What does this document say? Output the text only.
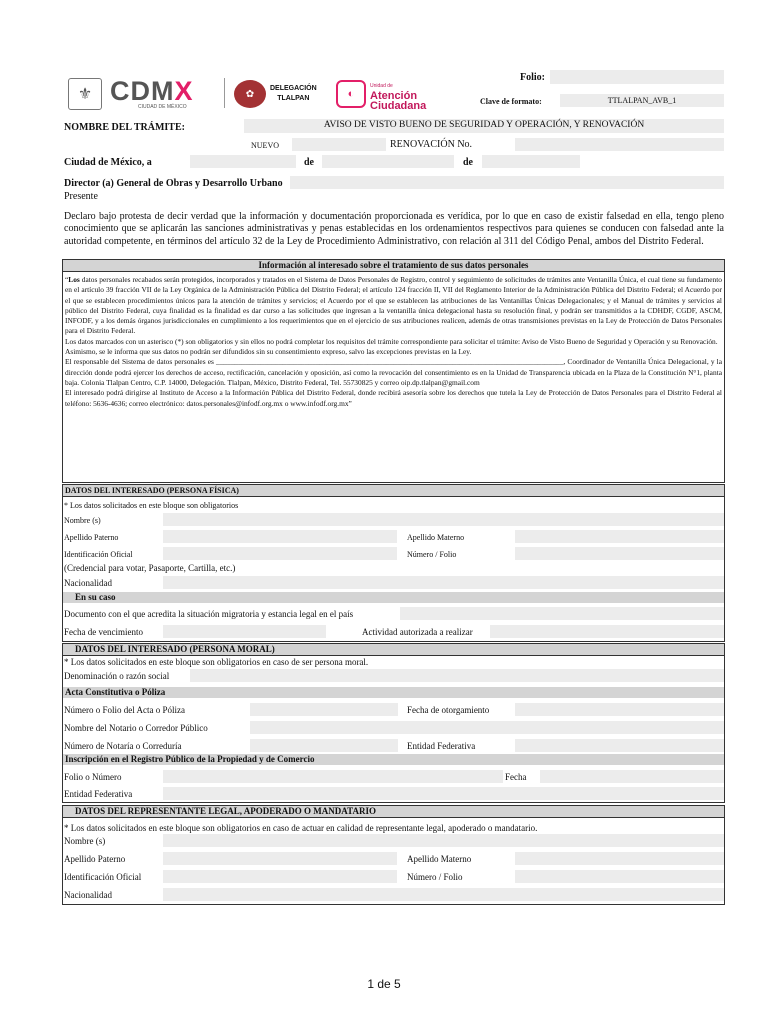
⚜ CDMX
CIUDAD DE MÉXICO
✿	DELEGACIÓN
TLALPAN	◐
Unidad de
Atención
Ciudadana
Folio:
Clave de formato:	TTLALPAN_AVB_1
NOMBRE DEL TRÁMITE:	AVISO DE VISTO BUENO DE SEGURIDAD Y OPERACIÓN, Y RENOVACIÓN
NUEVO	RENOVACIÓN No.
Ciudad de México, a	de	de
Director (a) General de Obras y Desarrollo Urbano
Presente
Declaro bajo protesta de decir verdad que la información y documentación proporcionada es verídica, por lo que en caso de existir falsedad en ella, tengo pleno conocimiento que se aplicarán las sanciones administrativas y penas establecidas en los ordenamientos respectivos para quienes se conducen con falsedad ante la autoridad competente, en términos del artículo 32 de la Ley de Procedimiento Administrativo, con relación al 311 del Código Penal, ambos del Distrito Federal.
Información al interesado sobre el tratamiento de sus datos personales

“Los datos personales recabados serán protegidos, incorporados y tratados en el Sistema de Datos Personales de Registro, control y seguimiento de solicitudes de trámites ante Ventanilla Única, el cual tiene su fundamento en el artículo 39 fracción VII de la Ley Orgánica de la Administración Pública del Distrito Federal; el artículo 124 fracción II, VII del Reglamento Interior de la Administración Pública del Distrito Federal; el Acuerdo por el que se establecen procedimientos únicos para la atención de trámites y servicios; el Acuerdo por el que se establecen las atribuciones de las Ventanillas Únicas Delegacionales; y el Manual de trámites y servicios al público del Distrito Federal, cuya finalidad es la finalidad es dar curso a las solicitudes que ingresan a la ventanilla única delegacional hasta su resolución final, y podrán ser transmitidos a la CDHDF, CGDF, ASCM, INFODF, y a los demás órganos jurisdiccionales en cumplimiento a los requerimientos que en el ejercicio de sus atribuciones realicen, además de otras transmisiones previstas en la Ley de Protección de Datos Personales para el Distrito Federal.

Los datos marcados con un asterisco (*) son obligatorios y sin ellos no podrá completar los requisitos del trámite correspondiente para solicitar el trámite: Aviso de Visto Bueno de Seguridad y Operación y su Renovación.

Asimismo, se le informa que sus datos no podrán ser difundidos sin su consentimiento expreso, salvo las excepciones previstas en la Ley.

El responsable del Sistema de datos personales es ______________________________________________________________________________________________, Coordinador de Ventanilla Única Delegacional, y la dirección donde podrá ejercer los derechos de acceso, rectificación, cancelación y oposición, así como la revocación del consentimiento es en la Unidad de Transparencia ubicada en la Plaza de la Constitución N°1, planta baja. Colonia Tlalpan Centro, C.P. 14000, Delegación. Tlalpan, México, Distrito Federal, Tel. 55730825 y correo oip.dp.tlalpan@gmail.com

El interesado podrá dirigirse al Instituto de Acceso a la Información Pública del Distrito Federal, donde recibirá asesoría sobre los derechos que tutela la Ley de Protección de Datos Personales para el Distrito Federal al teléfono: 5636-4636; correo electrónico: datos.personales@infodf.org.mx o www.infodf.org.mx”

DATOS DEL INTERESADO (PERSONA FÍSICA)
* Los datos solicitados en este bloque son obligatorios
Nombre (s)
Apellido Paterno	Apellido Materno
Identificación Oficial	Número / Folio
(Credencial para votar, Pasaporte, Cartilla, etc.)
Nacionalidad
En su caso
Documento con el que acredita la situación migratoria y estancia legal en el país
Fecha de vencimiento	Actividad autorizada a realizar
DATOS DEL INTERESADO (PERSONA MORAL)
* Los datos solicitados en este bloque son obligatorios en caso de ser persona moral.
Denominación o razón social
Acta Constitutiva o Póliza
Número o Folio del Acta o Póliza	Fecha de otorgamiento
Nombre del Notario o Corredor Público
Número de Notaría o Correduría	Entidad Federativa
Inscripción en el Registro Público de la Propiedad y de Comercio
Folio o Número	Fecha
Entidad Federativa
DATOS DEL REPRESENTANTE LEGAL, APODERADO O MANDATARIO
* Los datos solicitados en este bloque son obligatorios en caso de actuar en calidad de representante legal, apoderado o mandatario.
Nombre (s)
Apellido Paterno	Apellido Materno
Identificación Oficial	Número / Folio
Nacionalidad
1 de 5
